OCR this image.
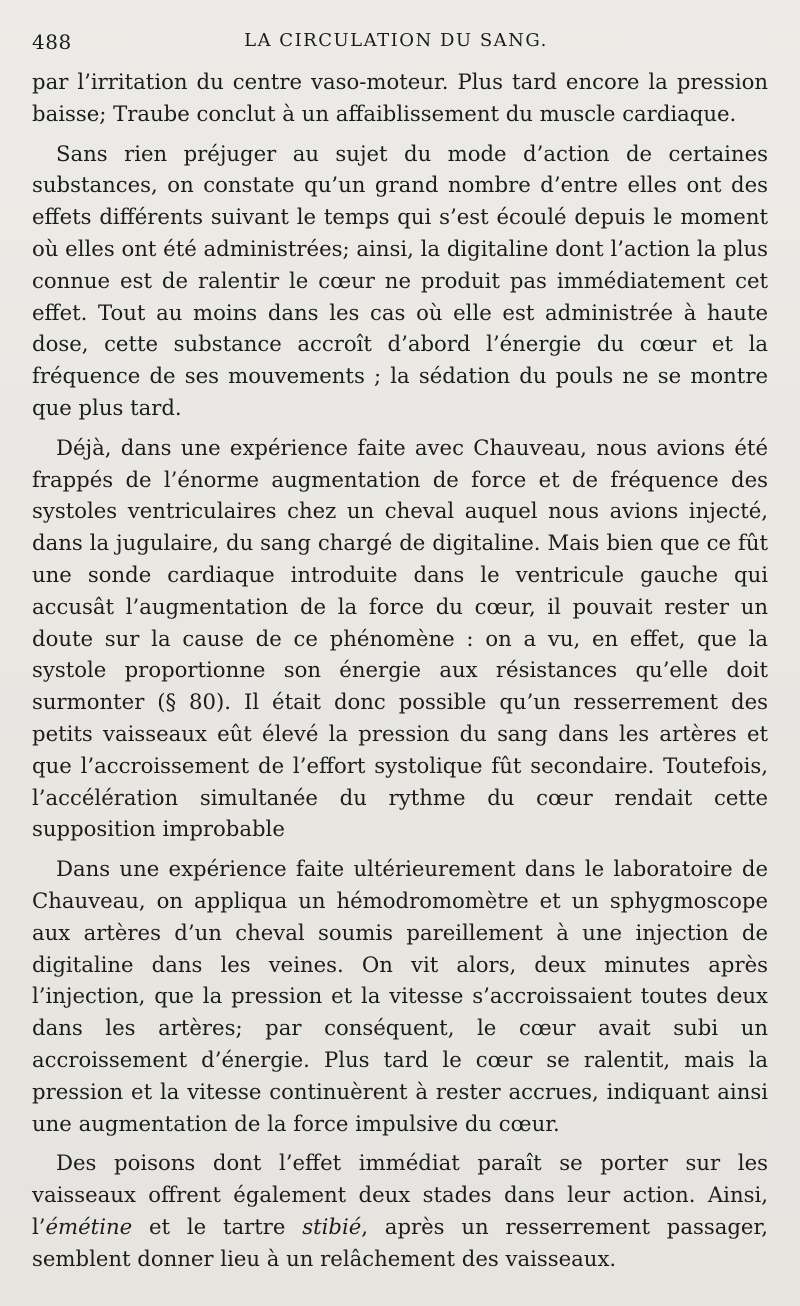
488	LA CIRCULATION DU SANG.

par l’irritation du centre vaso-moteur. Plus tard encore la pression baisse; Traube conclut à un affaiblissement du muscle cardiaque.

Sans rien préjuger au sujet du mode d’action de certaines substances, on constate qu’un grand nombre d’entre elles ont des effets différents suivant le temps qui s’est écoulé depuis le moment où elles ont été administrées; ainsi, la digitaline dont l’action la plus connue est de ralentir le cœur ne produit pas immédiatement cet effet. Tout au moins dans les cas où elle est administrée à haute dose, cette substance accroît d’abord l’énergie du cœur et la fréquence de ses mouvements ; la sédation du pouls ne se montre que plus tard.

Déjà, dans une expérience faite avec Chauveau, nous avions été frappés de l’énorme augmentation de force et de fréquence des systoles ventriculaires chez un cheval auquel nous avions injecté, dans la jugulaire, du sang chargé de digitaline. Mais bien que ce fût une sonde cardiaque introduite dans le ventricule gauche qui accusât l’augmentation de la force du cœur, il pouvait rester un doute sur la cause de ce phénomène : on a vu, en effet, que la systole proportionne son énergie aux résistances qu’elle doit surmonter (§ 80). Il était donc possible qu’un resserrement des petits vaisseaux eût élevé la pression du sang dans les artères et que l’accroissement de l’effort systolique fût secondaire. Toutefois, l’accélération simultanée du rythme du cœur rendait cette supposition improbable

Dans une expérience faite ultérieurement dans le laboratoire de Chauveau, on appliqua un hémodromomètre et un sphygmoscope aux artères d’un cheval soumis pareillement à une injection de digitaline dans les veines. On vit alors, deux minutes après l’injection, que la pression et la vitesse s’accroissaient toutes deux dans les artères; par conséquent, le cœur avait subi un accroissement d’énergie. Plus tard le cœur se ralentit, mais la pression et la vitesse continuèrent à rester accrues, indiquant ainsi une augmentation de la force impulsive du cœur.

Des poisons dont l’effet immédiat paraît se porter sur les vaisseaux offrent également deux stades dans leur action. Ainsi, l’émétine et le tartre stibié, après un resserrement passager, semblent donner lieu à un relâchement des vaisseaux.
